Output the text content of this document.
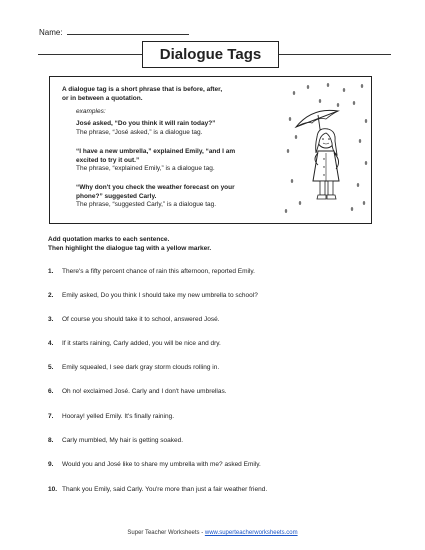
Name:
Dialogue Tags
A dialogue tag is a short phrase that is before, after,
or in between a quotation.
examples:
José asked, “Do you think it will rain today?”
The phrase, “José asked,” is a dialogue tag.
“I have a new umbrella,” explained Emily, “and I am
excited to try it out.”
The phrase, “explained Emily,” is a dialogue tag.
“Why don't you check the weather forecast on your
phone?” suggested Carly.
The phrase, “suggested Carly,” is a dialogue tag.
Add quotation marks to each sentence.
Then highlight the dialogue tag with a yellow marker.
1.	There's a fifty percent chance of rain this afternoon, reported Emily.
2.	Emily asked, Do you think I should take my new umbrella to school?
3.	Of course you should take it to school, answered José.
4.	If it starts raining, Carly added, you will be nice and dry.
5.	Emily squealed, I see dark gray storm clouds rolling in.
6.	Oh no! exclaimed José. Carly and I don't have umbrellas.
7.	Hooray! yelled Emily. It's finally raining.
8.	Carly mumbled, My hair is getting soaked.
9.	Would you and José like to share my umbrella with me? asked Emily.
10. Thank you Emily, said Carly. You're more than just a fair weather friend.
Super Teacher Worksheets - www.superteacherworksheets.com
